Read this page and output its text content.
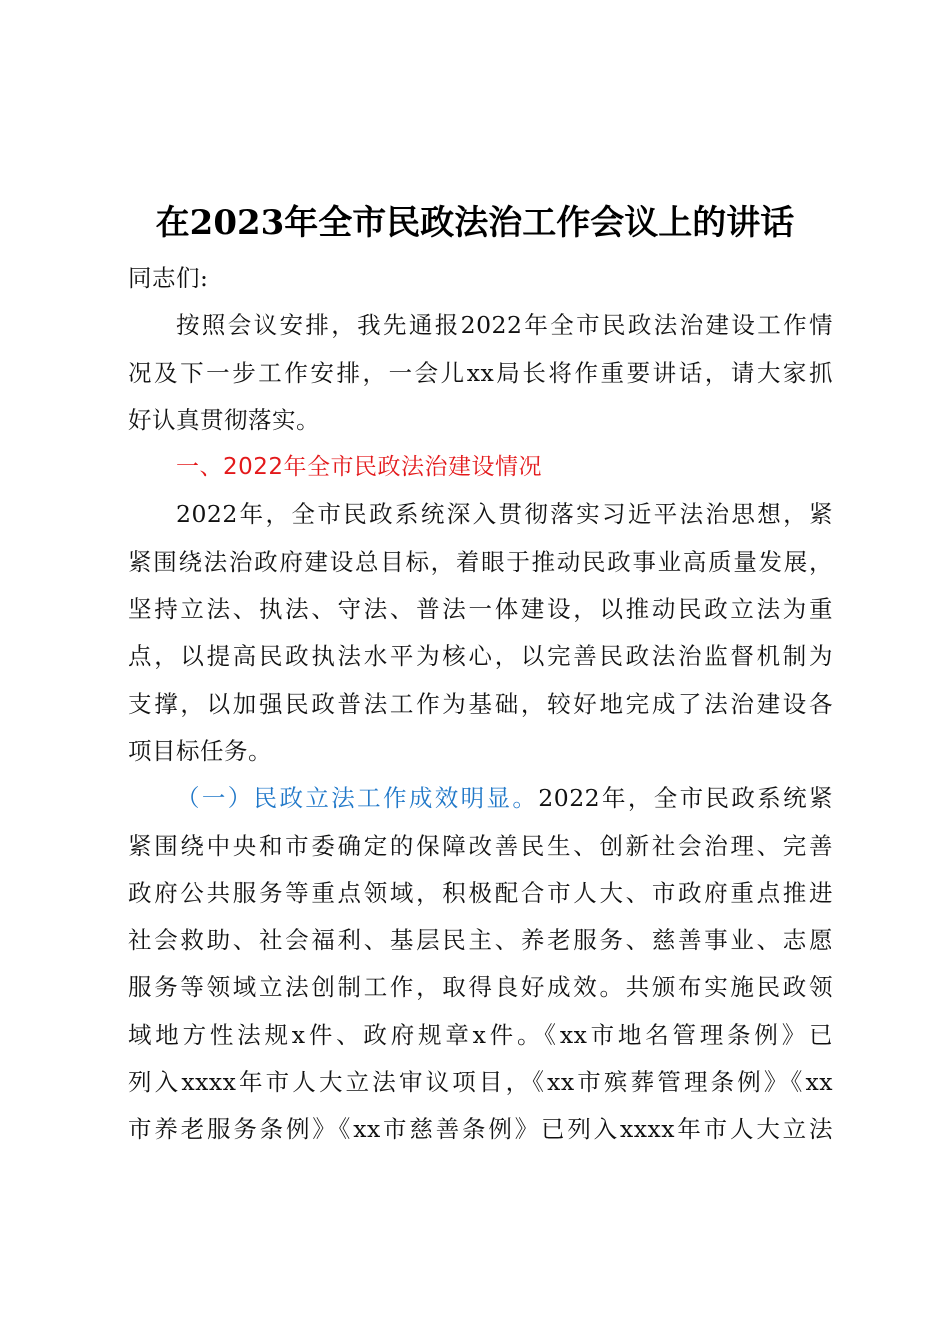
在2023年全市民政法治工作会议上的讲话
同志们:
按照会议安排，我先通报2022年全市民政法治建设工作情
况及下一步工作安排，一会儿xx局长将作重要讲话，请大家抓
好认真贯彻落实。
一、2022年全市民政法治建设情况
2022年，全市民政系统深入贯彻落实习近平法治思想，紧
紧围绕法治政府建设总目标，着眼于推动民政事业高质量发展，
坚持立法、执法、守法、普法一体建设，以推动民政立法为重
点，以提高民政执法水平为核心，以完善民政法治监督机制为
支撑，以加强民政普法工作为基础，较好地完成了法治建设各
项目标任务。
（一）民政立法工作成效明显。2022年，全市民政系统紧
紧围绕中央和市委确定的保障改善民生、创新社会治理、完善
政府公共服务等重点领域，积极配合市人大、市政府重点推进
社会救助、社会福利、基层民主、养老服务、慈善事业、志愿
服务等领域立法创制工作，取得良好成效。共颁布实施民政领
域地方性法规x件、政府规章x件。《xx市地名管理条例》已
列入xxxx年市人大立法审议项目，《xx市殡葬管理条例》《xx
市养老服务条例》《xx市慈善条例》已列入xxxx年市人大立法
